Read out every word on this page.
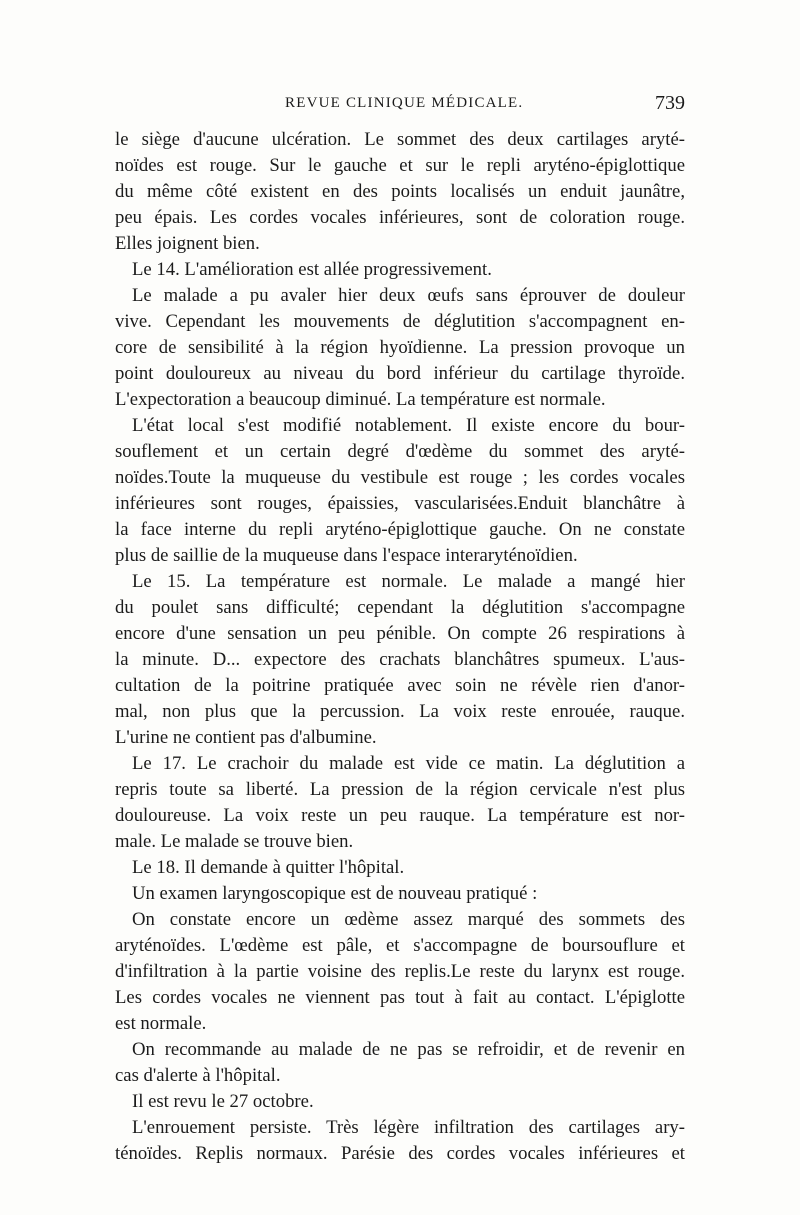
REVUE CLINIQUE MÉDICALE.	739
le siège d'aucune ulcération. Le sommet des deux cartilages aryté-
noïdes est rouge. Sur le gauche et sur le repli aryténo-épiglottique
du même côté existent en des points localisés un enduit jaunâtre,
peu épais. Les cordes vocales inférieures, sont de coloration rouge.
Elles joignent bien.
Le 14. L'amélioration est allée progressivement.
Le malade a pu avaler hier deux œufs sans éprouver de douleur
vive. Cependant les mouvements de déglutition s'accompagnent en-
core de sensibilité à la région hyoïdienne. La pression provoque un
point douloureux au niveau du bord inférieur du cartilage thyroïde.
L'expectoration a beaucoup diminué. La température est normale.
L'état local s'est modifié notablement. Il existe encore du bour-
souflement et un certain degré d'œdème du sommet des aryté-
noïdes.Toute la muqueuse du vestibule est rouge ; les cordes vocales
inférieures sont rouges, épaissies, vascularisées.Enduit blanchâtre à
la face interne du repli aryténo-épiglottique gauche. On ne constate
plus de saillie de la muqueuse dans l'espace interaryténoïdien.
Le 15. La température est normale. Le malade a mangé hier
du poulet sans difficulté; cependant la déglutition s'accompagne
encore d'une sensation un peu pénible. On compte 26 respirations à
la minute. D... expectore des crachats blanchâtres spumeux. L'aus-
cultation de la poitrine pratiquée avec soin ne révèle rien d'anor-
mal, non plus que la percussion. La voix reste enrouée, rauque.
L'urine ne contient pas d'albumine.
Le 17. Le crachoir du malade est vide ce matin. La déglutition a
repris toute sa liberté. La pression de la région cervicale n'est plus
douloureuse. La voix reste un peu rauque. La température est nor-
male. Le malade se trouve bien.
Le 18. Il demande à quitter l'hôpital.
Un examen laryngoscopique est de nouveau pratiqué :
On constate encore un œdème assez marqué des sommets des
aryténoïdes. L'œdème est pâle, et s'accompagne de boursouflure et
d'infiltration à la partie voisine des replis.Le reste du larynx est rouge.
Les cordes vocales ne viennent pas tout à fait au contact. L'épiglotte
est normale.
On recommande au malade de ne pas se refroidir, et de revenir en
cas d'alerte à l'hôpital.
Il est revu le 27 octobre.
L'enrouement persiste. Très légère infiltration des cartilages ary-
ténoïdes. Replis normaux. Parésie des cordes vocales inférieures et
